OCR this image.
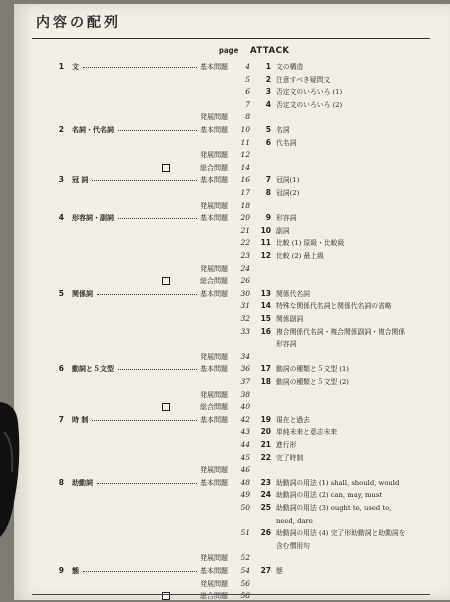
内容の配列
page ATTACK
1 文	基本問題	4	1 文の構造
5	2 注意すべき疑問文
6	3 否定文のいろいろ (1)
7	4 否定文のいろいろ (2)
発展問題	8
2 名詞・代名詞	基本問題	10	5 名詞
11	6 代名詞
発展問題	12
総合問題	14
3 冠 詞	基本問題	16	7 冠詞(1)
17	8 冠詞(2)
発展問題	18
4 形容詞・副詞	基本問題	20	9 形容詞
21 10 副詞
22 11 比較 (1) 原級・比較級
23 12 比較 (2) 最上級
発展問題	24
総合問題	26
5 関係詞	基本問題	30 13 関係代名詞
31 14 特殊な関係代名詞と関係代名詞の省略
32 15 関係副詞
33 16 複合関係代名詞・複合関係副詞・複合関係
形容詞
発展問題	34
6 動詞と５文型	基本問題	36 17 動詞の種類と５文型 (1)
37 18 動詞の種類と５文型 (2)
発展問題	38
総合問題	40
7 時 制	基本問題	42 19 現在と過去
43 20 単純未来と意志未来
44 21 進行形
45 22 完了時制
発展問題	46
8 助動詞	基本問題	48 23 助動詞の用法 (1) shall, should, would
49 24 助動詞の用法 (2) can, may, must
50 25 助動詞の用法 (3) ought to, used to,
need, dare
51 26 助動詞の用法 (4) 完了形助動詞と助動詞を
含む慣用句
発展問題	52
9 態	基本問題	54 27 態
発展問題	56
総合問題	58
